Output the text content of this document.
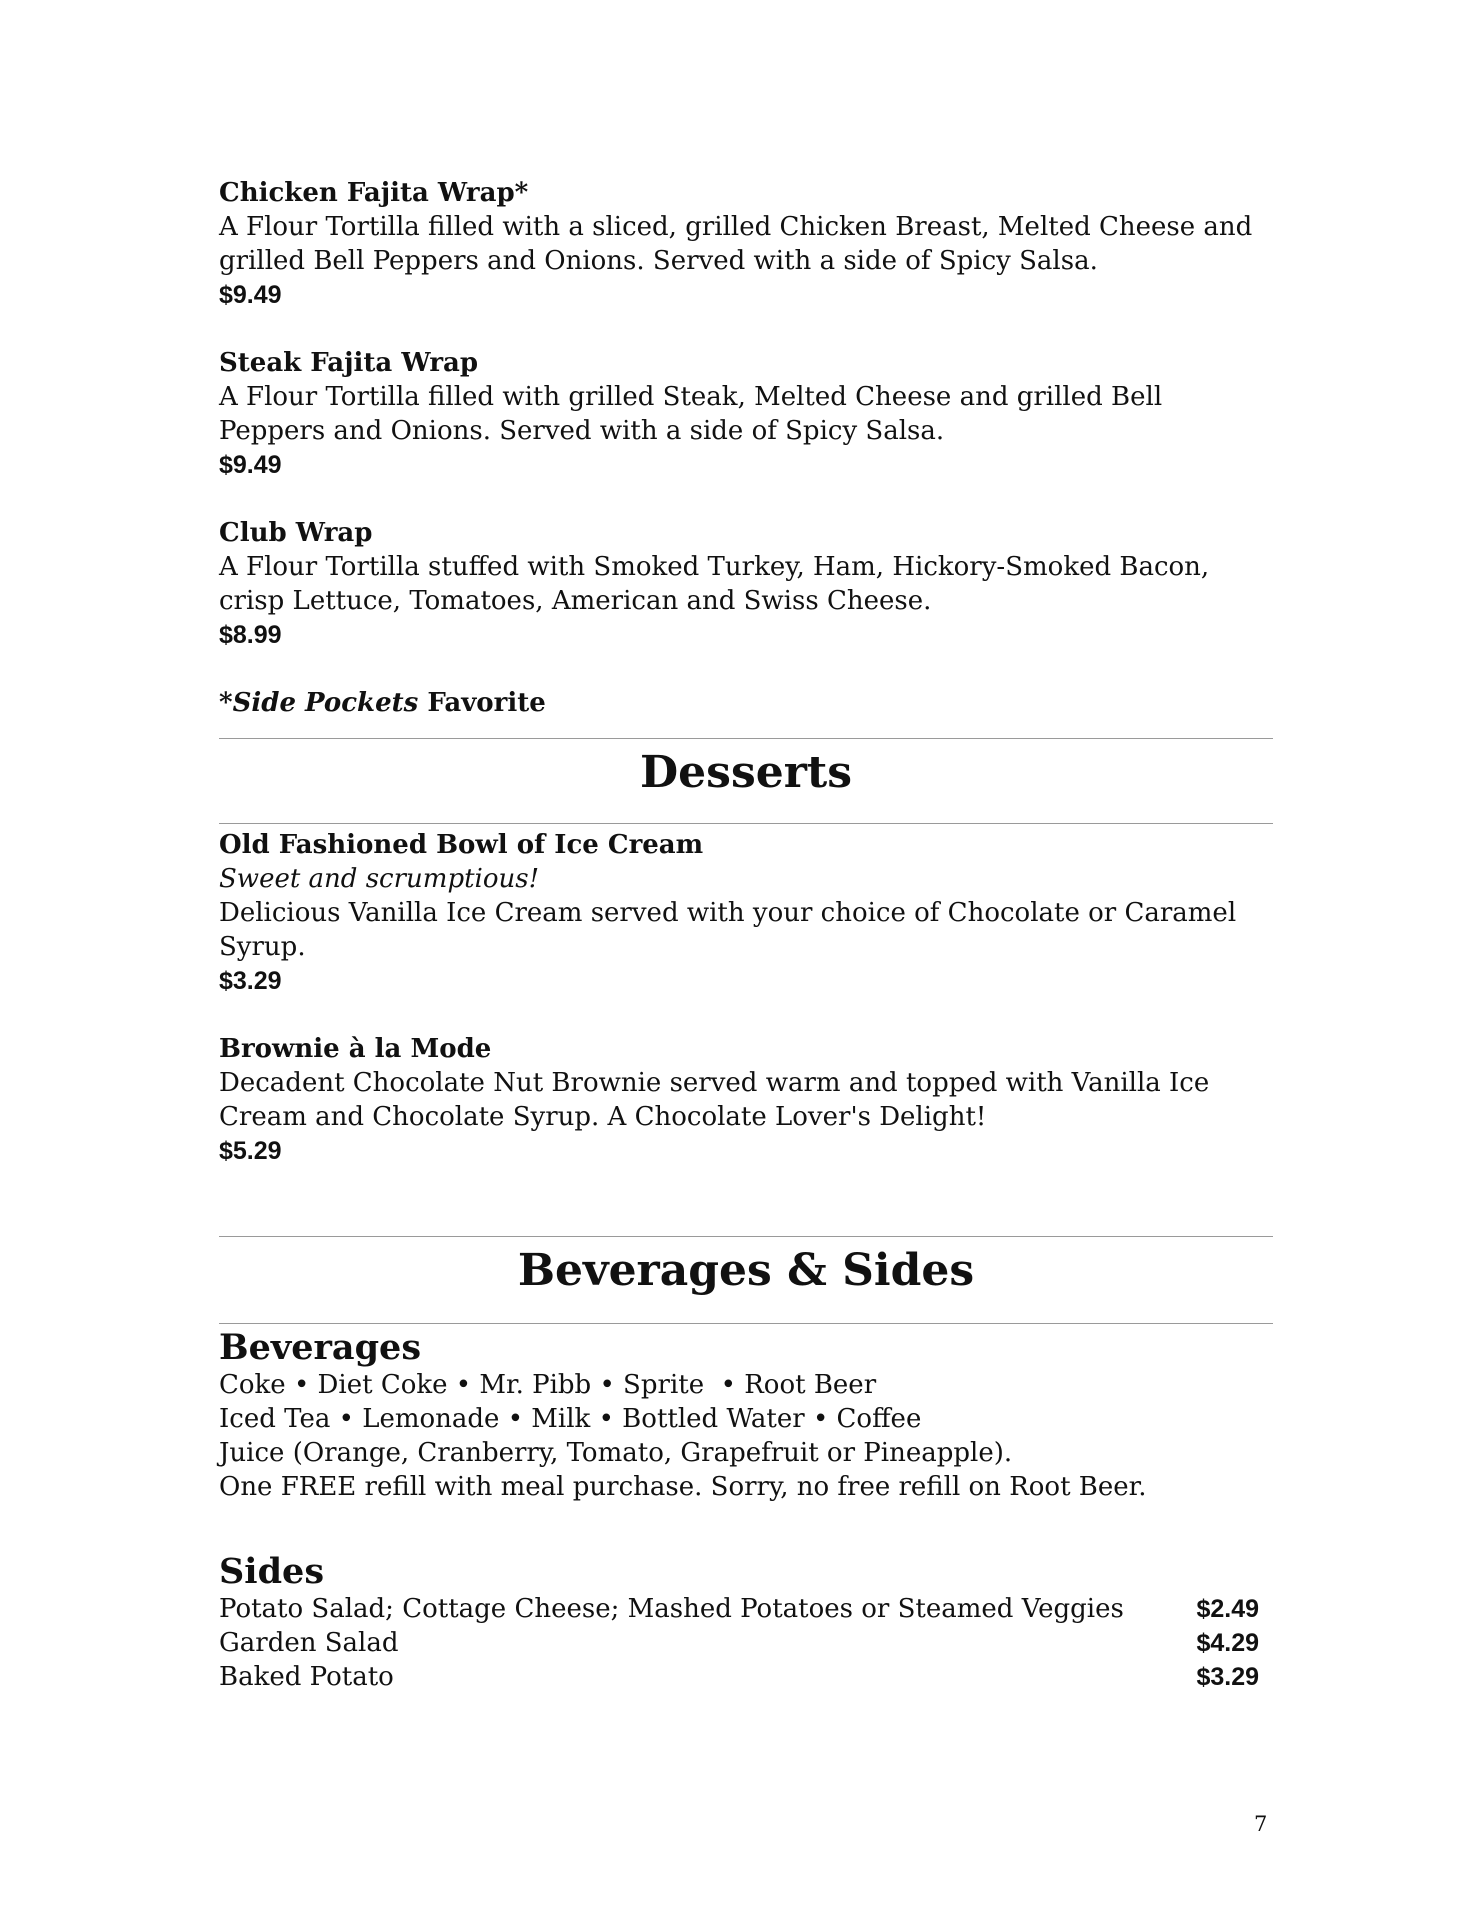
Chicken Fajita Wrap*

A Flour Tortilla filled with a sliced, grilled Chicken Breast, Melted Cheese and

grilled Bell Peppers and Onions. Served with a side of Spicy Salsa.

$9.49

Steak Fajita Wrap

A Flour Tortilla filled with grilled Steak, Melted Cheese and grilled Bell

Peppers and Onions. Served with a side of Spicy Salsa.

$9.49

Club Wrap

A Flour Tortilla stuffed with Smoked Turkey, Ham, Hickory-Smoked Bacon,

crisp Lettuce, Tomatoes, American and Swiss Cheese.

$8.99

*Side Pockets Favorite

Desserts

Old Fashioned Bowl of Ice Cream

Sweet and scrumptious!

Delicious Vanilla Ice Cream served with your choice of Chocolate or Caramel

Syrup.

$3.29

Brownie à la Mode

Decadent Chocolate Nut Brownie served warm and topped with Vanilla Ice

Cream and Chocolate Syrup. A Chocolate Lover's Delight!

$5.29

Beverages & Sides
Beverages

Coke • Diet Coke • Mr. Pibb • Sprite  • Root Beer

Iced Tea • Lemonade • Milk • Bottled Water • Coffee

Juice (Orange, Cranberry, Tomato, Grapefruit or Pineapple).

One FREE refill with meal purchase. Sorry, no free refill on Root Beer.

Sides
Potato Salad; Cottage Cheese; Mashed Potatoes or Steamed Veggies	$2.49
Garden Salad	$4.29
Baked Potato	$3.29
7
